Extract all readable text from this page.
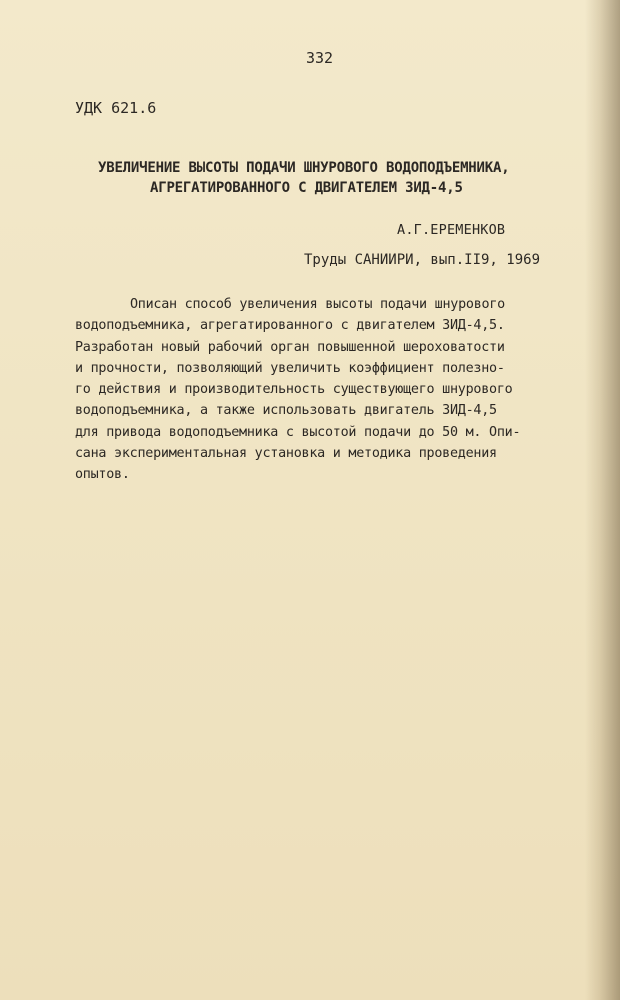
332

УДК 621.6

УВЕЛИЧЕНИЕ ВЫСОТЫ ПОДАЧИ ШНУРОВОГО ВОДОПОДЪЕМНИКА,

АГРЕГАТИРОВАННОГО С ДВИГАТЕЛЕМ ЗИД-4,5

А.Г.ЕРЕМЕНКОВ

Труды САНИИРИ, вып.II9, 1969

Описан способ увеличения высоты подачи шнурового
водоподъемника, агрегатированного с двигателем ЗИД-4,5.
Разработан новый рабочий орган повышенной шероховатости
и прочности, позволяющий увеличить коэффициент полезно-
го действия и производительность существующего шнурового
водоподъемника, а также использовать двигатель ЗИД-4,5
для привода водоподъемника с высотой подачи до 50 м. Опи-
сана экспериментальная установка и методика проведения
опытов.
